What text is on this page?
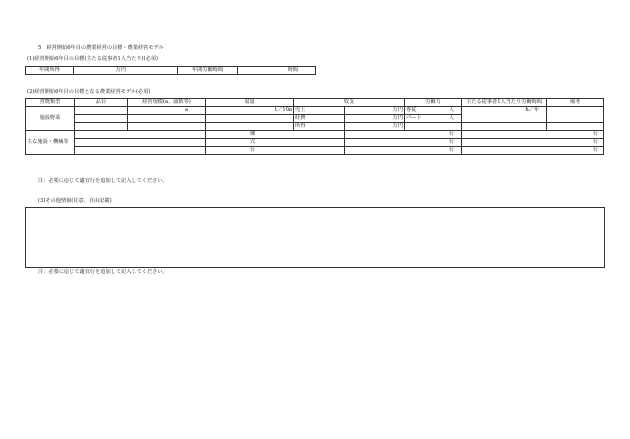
5　経営開始6年目の農業経営の目標・農業経営モデル
(1)経営開始6年目の目標(主たる従事者1人当たり)(必須)
年間所得	万円	年間労働時間	時間
(2)経営開始6年目の目標となる農業経営モデル(必須)
営農類型	品目	経営規模(a、頭数等)	収量	収支		労働力	主たる従事者1人当たり労働時間	備考
施設野菜		a	t／10a	売上	万円	専従 人	h／年	
				経費	万円	パート 人		

				所得	万円			
主な施設・機械等			棟		台		台	
			式		台		台	
			台		台		台	
注：必要に応じて適宜行を追加して記入してください。
(3)その他情報(任意、自由記載)
注：必要に応じて適宜行を追加して記入してください。
